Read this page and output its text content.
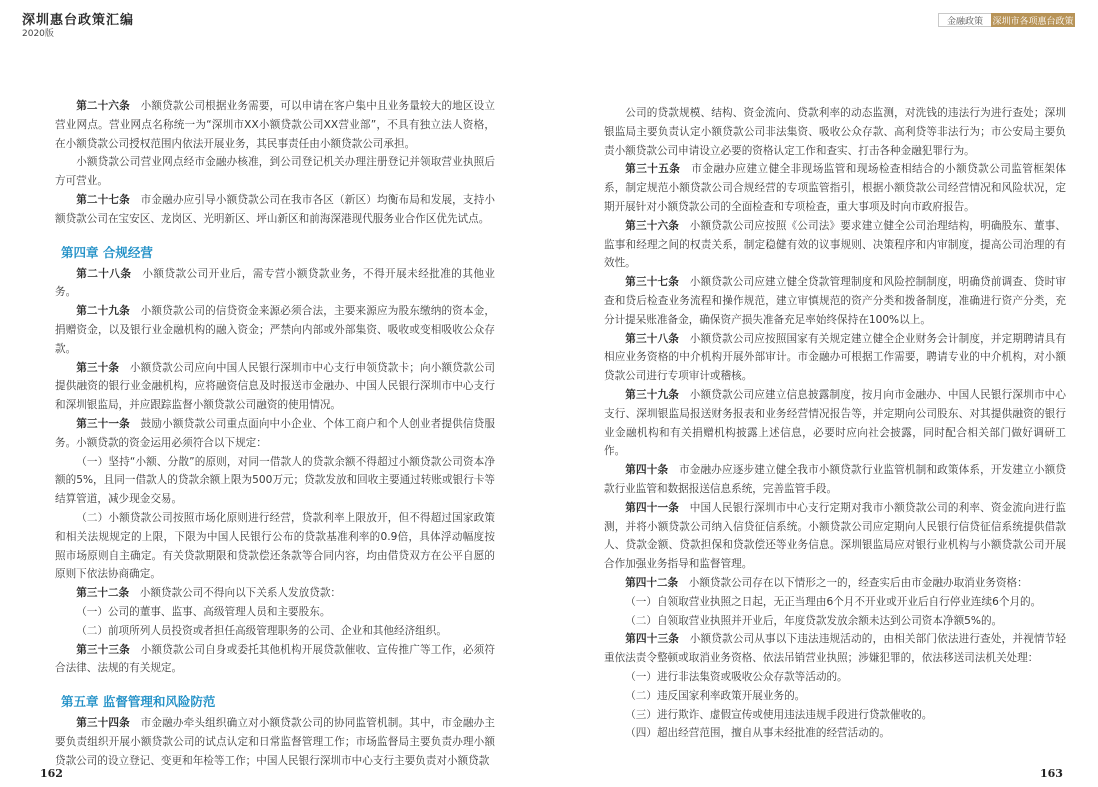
深圳惠台政策汇编
2020版
金融政策	深圳市各项惠台政策

第二十六条　小额贷款公司根据业务需要，可以申请在客户集中且业务量较大的地区设立营业网点。营业网点名称统一为“深圳市XX小额贷款公司XX营业部”，不具有独立法人资格，在小额贷款公司授权范围内依法开展业务，其民事责任由小额贷款公司承担。

小额贷款公司营业网点经市金融办核准，到公司登记机关办理注册登记并领取营业执照后方可营业。

第二十七条　市金融办应引导小额贷款公司在我市各区（新区）均衡布局和发展，支持小额贷款公司在宝安区、龙岗区、光明新区、坪山新区和前海深港现代服务业合作区优先试点。

第四章 合规经营

第二十八条　小额贷款公司开业后，需专营小额贷款业务，不得开展未经批准的其他业务。

第二十九条　小额贷款公司的信贷资金来源必须合法，主要来源应为股东缴纳的资本金，捐赠资金，以及银行业金融机构的融入资金；严禁向内部或外部集资、吸收或变相吸收公众存款。

第三十条　小额贷款公司应向中国人民银行深圳市中心支行申领贷款卡；向小额贷款公司提供融资的银行业金融机构，应将融资信息及时报送市金融办、中国人民银行深圳市中心支行和深圳银监局，并应跟踪监督小额贷款公司融资的使用情况。

第三十一条　鼓励小额贷款公司重点面向中小企业、个体工商户和个人创业者提供信贷服务。小额贷款的资金运用必须符合以下规定：

（一）坚持“小额、分散”的原则，对同一借款人的贷款余额不得超过小额贷款公司资本净额的5%，且同一借款人的贷款余额上限为500万元；贷款发放和回收主要通过转账或银行卡等结算管道，减少现金交易。

（二）小额贷款公司按照市场化原则进行经营，贷款利率上限放开，但不得超过国家政策和相关法规规定的上限，下限为中国人民银行公布的贷款基准利率的0.9倍，具体浮动幅度按照市场原则自主确定。有关贷款期限和贷款偿还条款等合同内容，均由借贷双方在公平自愿的原则下依法协商确定。

第三十二条　小额贷款公司不得向以下关系人发放贷款：

（一）公司的董事、监事、高级管理人员和主要股东。

（二）前项所列人员投资或者担任高级管理职务的公司、企业和其他经济组织。

第三十三条　小额贷款公司自身或委托其他机构开展贷款催收、宣传推广等工作，必须符合法律、法规的有关规定。

第五章 监督管理和风险防范

第三十四条　市金融办牵头组织确立对小额贷款公司的协同监管机制。其中，市金融办主要负责组织开展小额贷款公司的试点认定和日常监督管理工作；市场监督局主要负责办理小额贷款公司的设立登记、变更和年检等工作；中国人民银行深圳市中心支行主要负责对小额贷款

公司的贷款规模、结构、资金流向、贷款利率的动态监测，对洗钱的违法行为进行查处；深圳银监局主要负责认定小额贷款公司非法集资、吸收公众存款、高利贷等非法行为；市公安局主要负责小额贷款公司申请设立必要的资格认定工作和查实、打击各种金融犯罪行为。

第三十五条　市金融办应建立健全非现场监管和现场检查相结合的小额贷款公司监管框架体系，制定规范小额贷款公司合规经营的专项监管指引，根据小额贷款公司经营情况和风险状况，定期开展针对小额贷款公司的全面检查和专项检查，重大事项及时向市政府报告。

第三十六条　小额贷款公司应按照《公司法》要求建立健全公司治理结构，明确股东、董事、监事和经理之间的权责关系，制定稳健有效的议事规则、决策程序和内审制度，提高公司治理的有效性。

第三十七条　小额贷款公司应建立健全贷款管理制度和风险控制制度，明确贷前调查、贷时审查和贷后检查业务流程和操作规范，建立审慎规范的资产分类和拨备制度，准确进行资产分类，充分计提呆账准备金，确保资产损失准备充足率始终保持在100%以上。

第三十八条　小额贷款公司应按照国家有关规定建立健全企业财务会计制度，并定期聘请具有相应业务资格的中介机构开展外部审计。市金融办可根据工作需要，聘请专业的中介机构，对小额贷款公司进行专项审计或稽核。

第三十九条　小额贷款公司应建立信息披露制度，按月向市金融办、中国人民银行深圳市中心支行、深圳银监局报送财务报表和业务经营情况报告等，并定期向公司股东、对其提供融资的银行业金融机构和有关捐赠机构披露上述信息，必要时应向社会披露，同时配合相关部门做好调研工作。

第四十条　市金融办应逐步建立健全我市小额贷款行业监管机制和政策体系，开发建立小额贷款行业监管和数据报送信息系统，完善监管手段。

第四十一条　中国人民银行深圳市中心支行定期对我市小额贷款公司的利率、资金流向进行监测，并将小额贷款公司纳入信贷征信系统。小额贷款公司应定期向人民银行信贷征信系统提供借款人、贷款金额、贷款担保和贷款偿还等业务信息。深圳银监局应对银行业机构与小额贷款公司开展合作加强业务指导和监督管理。

第四十二条　小额贷款公司存在以下情形之一的，经查实后由市金融办取消业务资格：

（一）自领取营业执照之日起，无正当理由6个月不开业或开业后自行停业连续6个月的。

（二）自领取营业执照并开业后，年度贷款发放余额未达到公司资本净额5%的。

第四十三条　小额贷款公司从事以下违法违规活动的，由相关部门依法进行查处，并视情节轻重依法责令整顿或取消业务资格、依法吊销营业执照；涉嫌犯罪的，依法移送司法机关处理：

（一）进行非法集资或吸收公众存款等活动的。

（二）违反国家利率政策开展业务的。

（三）进行欺诈、虚假宣传或使用违法违规手段进行贷款催收的。

（四）超出经营范围，擅自从事未经批准的经营活动的。

162	163
